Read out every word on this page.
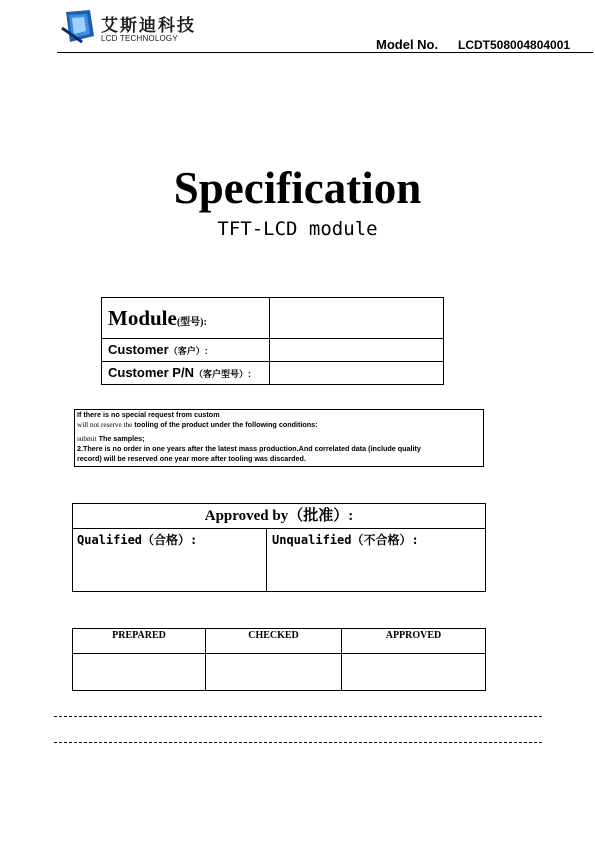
艾斯迪科技
LCD TECHNOLOGY	Model No. LCDT508004804001
Specification
TFT-LCD module
Module(型号):	
Customer（客户）:	
Customer P/N（客户型号）:	
If there is no special request from custom
will not reserve the tooling of the product under the following conditions:
submit The samples;
2.There is no order in one years after the latest mass production.And correlated data (include quality
record) will be reserved one year more after tooling was discarded.
Approved by（批准）:
Qualified（合格）:	Unqualified（不合格）:
PREPARED	CHECKED	APPROVED
